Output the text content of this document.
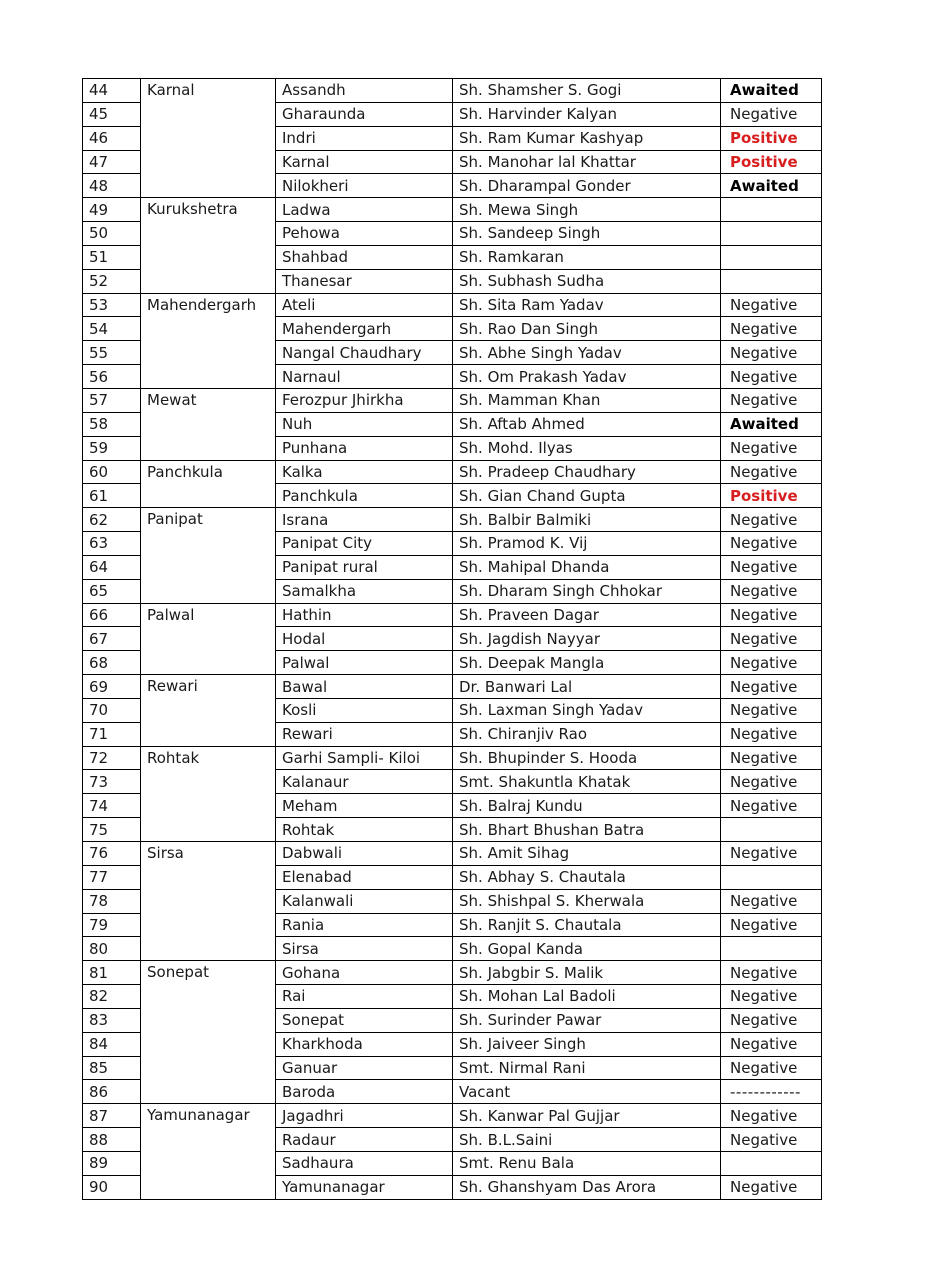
44	Karnal	Assandh	Sh. Shamsher S. Gogi	Awaited
45		Gharaunda	Sh. Harvinder Kalyan	Negative
46		Indri	Sh. Ram Kumar Kashyap	Positive
47		Karnal	Sh. Manohar lal Khattar	Positive
48		Nilokheri	Sh. Dharampal Gonder	Awaited
49	Kurukshetra	Ladwa	Sh. Mewa Singh	
50		Pehowa	Sh. Sandeep Singh	
51		Shahbad	Sh. Ramkaran	
52		Thanesar	Sh. Subhash Sudha	
53	Mahendergarh	Ateli	Sh. Sita Ram Yadav	Negative
54		Mahendergarh	Sh. Rao Dan Singh	Negative
55		Nangal Chaudhary	Sh. Abhe Singh Yadav	Negative
56		Narnaul	Sh. Om Prakash Yadav	Negative
57	Mewat	Ferozpur Jhirkha	Sh. Mamman Khan	Negative
58		Nuh	Sh. Aftab Ahmed	Awaited
59		Punhana	Sh. Mohd. Ilyas	Negative
60	Panchkula	Kalka	Sh. Pradeep Chaudhary	Negative
61		Panchkula	Sh. Gian Chand Gupta	Positive
62	Panipat	Israna	Sh. Balbir Balmiki	Negative
63		Panipat City	Sh. Pramod K. Vij	Negative
64		Panipat rural	Sh. Mahipal Dhanda	Negative
65		Samalkha	Sh. Dharam Singh Chhokar	Negative
66	Palwal	Hathin	Sh. Praveen Dagar	Negative
67		Hodal	Sh. Jagdish Nayyar	Negative
68		Palwal	Sh. Deepak Mangla	Negative
69	Rewari	Bawal	Dr. Banwari Lal	Negative
70		Kosli	Sh. Laxman Singh Yadav	Negative
71		Rewari	Sh. Chiranjiv Rao	Negative
72	Rohtak	Garhi Sampli- Kiloi	Sh. Bhupinder S. Hooda	Negative
73		Kalanaur	Smt. Shakuntla Khatak	Negative
74		Meham	Sh. Balraj Kundu	Negative
75		Rohtak	Sh. Bhart Bhushan Batra	
76	Sirsa	Dabwali	Sh. Amit Sihag	Negative
77		Elenabad	Sh. Abhay S. Chautala	
78		Kalanwali	Sh. Shishpal S. Kherwala	Negative
79		Rania	Sh. Ranjit S. Chautala	Negative
80		Sirsa	Sh. Gopal Kanda	
81	Sonepat	Gohana	Sh. Jabgbir S. Malik	Negative
82		Rai	Sh. Mohan Lal Badoli	Negative
83		Sonepat	Sh. Surinder Pawar	Negative
84		Kharkhoda	Sh. Jaiveer Singh	Negative
85		Ganuar	Smt. Nirmal Rani	Negative
86		Baroda	Vacant	------------
87	Yamunanagar	Jagadhri	Sh. Kanwar Pal Gujjar	Negative
88		Radaur	Sh. B.L.Saini	Negative
89		Sadhaura	Smt. Renu Bala	
90		Yamunanagar	Sh. Ghanshyam Das Arora	Negative
